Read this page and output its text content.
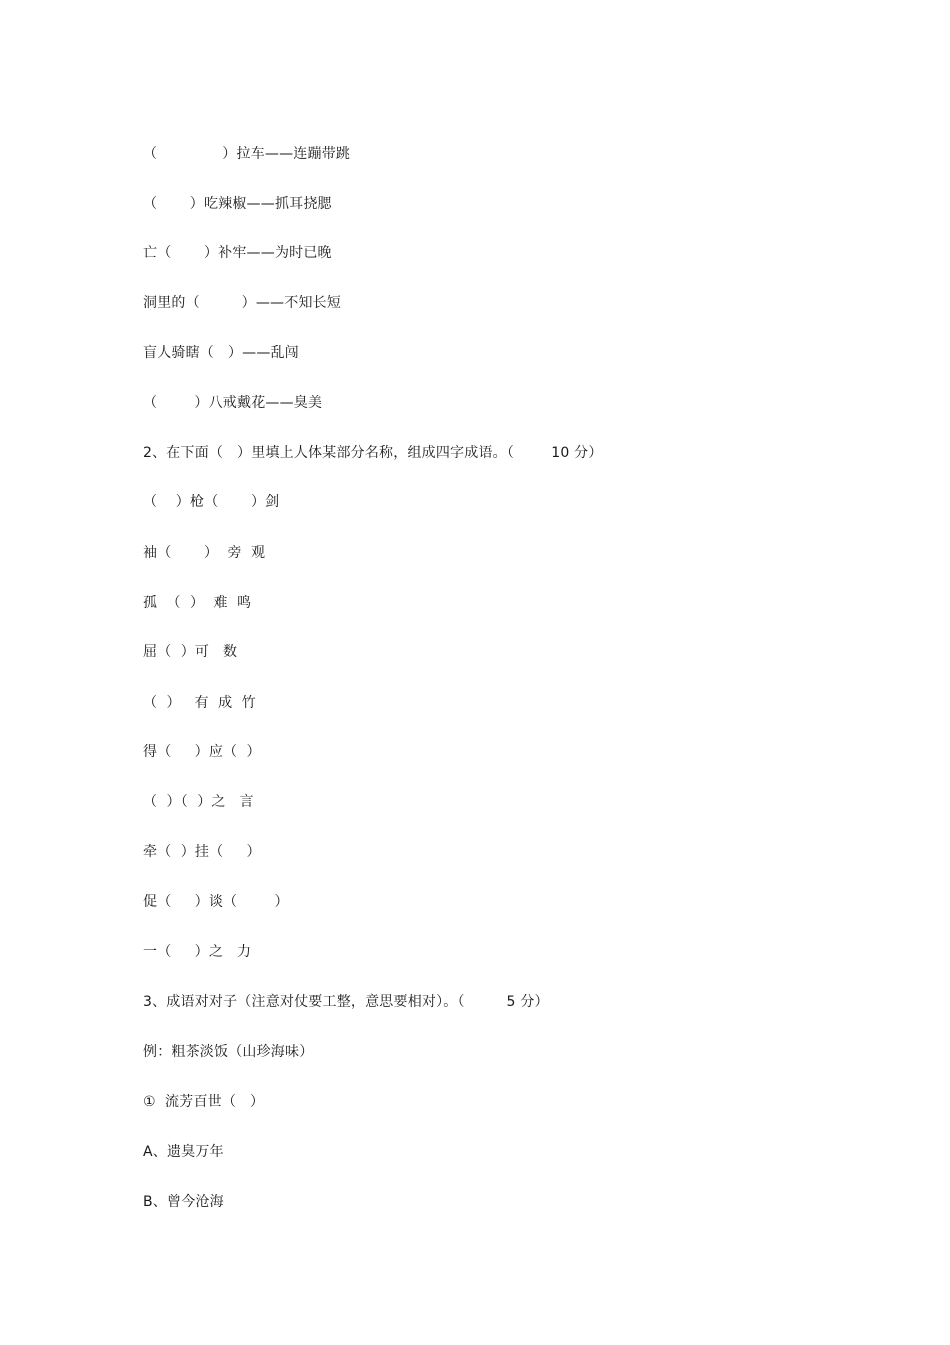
（              ）拉车——连蹦带跳
（       ）吃辣椒——抓耳挠腮
亡（       ）补牢——为时已晚
洞里的（         ）——不知长短
盲人骑瞎（   ）——乱闯
（        ）八戒戴花——臭美
2、在下面（   ）里填上人体某部分名称，组成四字成语。（        10 分）
（    ）枪（       ）剑
袖（       ）  旁  观
孤  （  ）  难  鸣
屈（  ）可   数
（  ）   有  成  竹
得（     ）应（  ）
（  ）（  ）之   言
牵（  ）挂（     ）
促（     ）谈（        ）
一（     ）之   力
3、成语对对子（注意对仗要工整，意思要相对）。（         5 分）
例：粗茶淡饭（山珍海味）
①  流芳百世（   ）
A、遗臭万年
B、曾今沧海
